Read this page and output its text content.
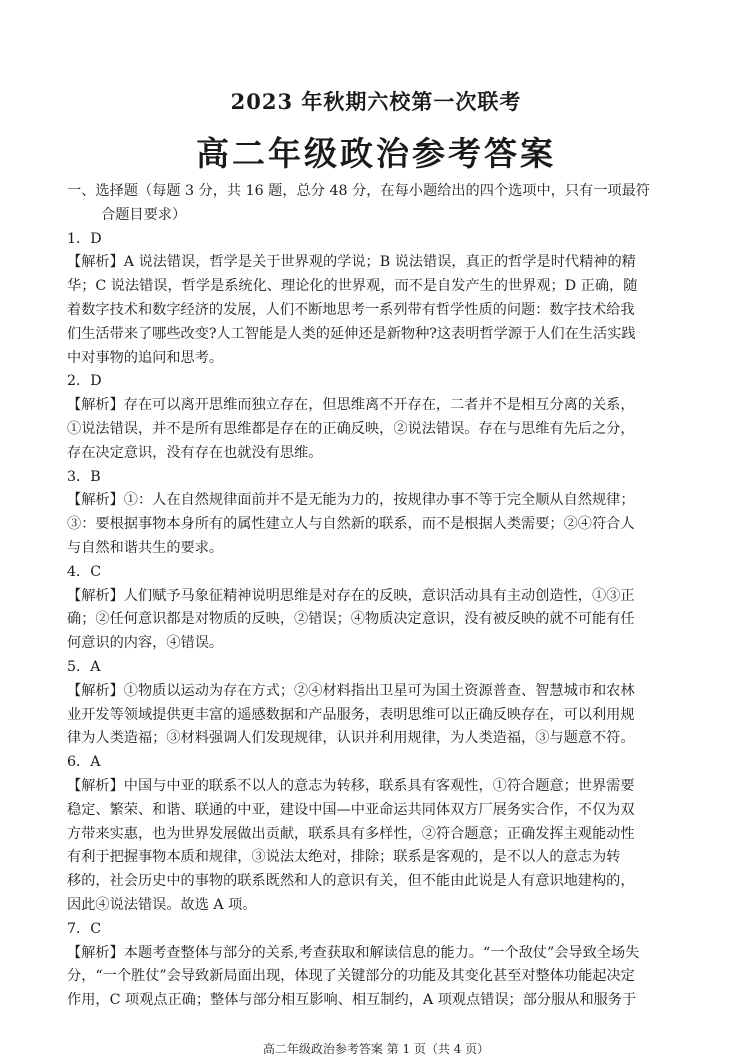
2023 年秋期六校第一次联考
高二年级政治参考答案
一、选择题（每题 3 分，共 16 题，总分 48 分，在每小题给出的四个选项中，只有一项最符
合题目要求）
1．D
【解析】A 说法错误，哲学是关于世界观的学说；B 说法错误，真正的哲学是时代精神的精
华；C 说法错误，哲学是系统化、理论化的世界观，而不是自发产生的世界观；D 正确，随
着数字技术和数字经济的发展，人们不断地思考一系列带有哲学性质的问题：数字技术给我
们生活带来了哪些改变?人工智能是人类的延伸还是新物种?这表明哲学源于人们在生活实践
中对事物的追问和思考。
2．D
【解析】存在可以离开思维而独立存在，但思维离不开存在，二者并不是相互分离的关系，
①说法错误，并不是所有思维都是存在的正确反映，②说法错误。存在与思维有先后之分，
存在决定意识，没有存在也就没有思维。
3．B
【解析】①：人在自然规律面前并不是无能为力的，按规律办事不等于完全顺从自然规律；
③：要根据事物本身所有的属性建立人与自然新的联系，而不是根据人类需要；②④符合人
与自然和谐共生的要求。
4．C
【解析】人们赋予马象征精神说明思维是对存在的反映，意识活动具有主动创造性，①③正
确；②任何意识都是对物质的反映，②错误；④物质决定意识，没有被反映的就不可能有任
何意识的内容，④错误。
5．A
【解析】①物质以运动为存在方式；②④材料指出卫星可为国土资源普查、智慧城市和农林
业开发等领域提供更丰富的遥感数据和产品服务，表明思维可以正确反映存在，可以利用规
律为人类造福；③材料强调人们发现规律，认识并利用规律，为人类造福，③与题意不符。
6．A
【解析】中国与中亚的联系不以人的意志为转移，联系具有客观性，①符合题意；世界需要
稳定、繁荣、和谐、联通的中亚，建设中国—中亚命运共同体双方厂展务实合作，不仅为双
方带来实惠，也为世界发展做出贡献，联系具有多样性，②符合题意；正确发挥主观能动性
有利于把握事物本质和规律，③说法太绝对，排除；联系是客观的，是不以人的意志为转
移的，社会历史中的事物的联系既然和人的意识有关，但不能由此说是人有意识地建构的，
因此④说法错误。故选 A 项。
7．C
【解析】本题考查整体与部分的关系,考查获取和解读信息的能力。“一个敌仗”会导致全场失
分，“一个胜仗”会导致新局面出现，体现了关键部分的功能及其变化甚至对整体功能起决定
作用，C 项观点正确；整体与部分相互影响、相互制约，A 项观点错误；部分服从和服务于
高二年级政治参考答案 第 1 页（共 4 页）
